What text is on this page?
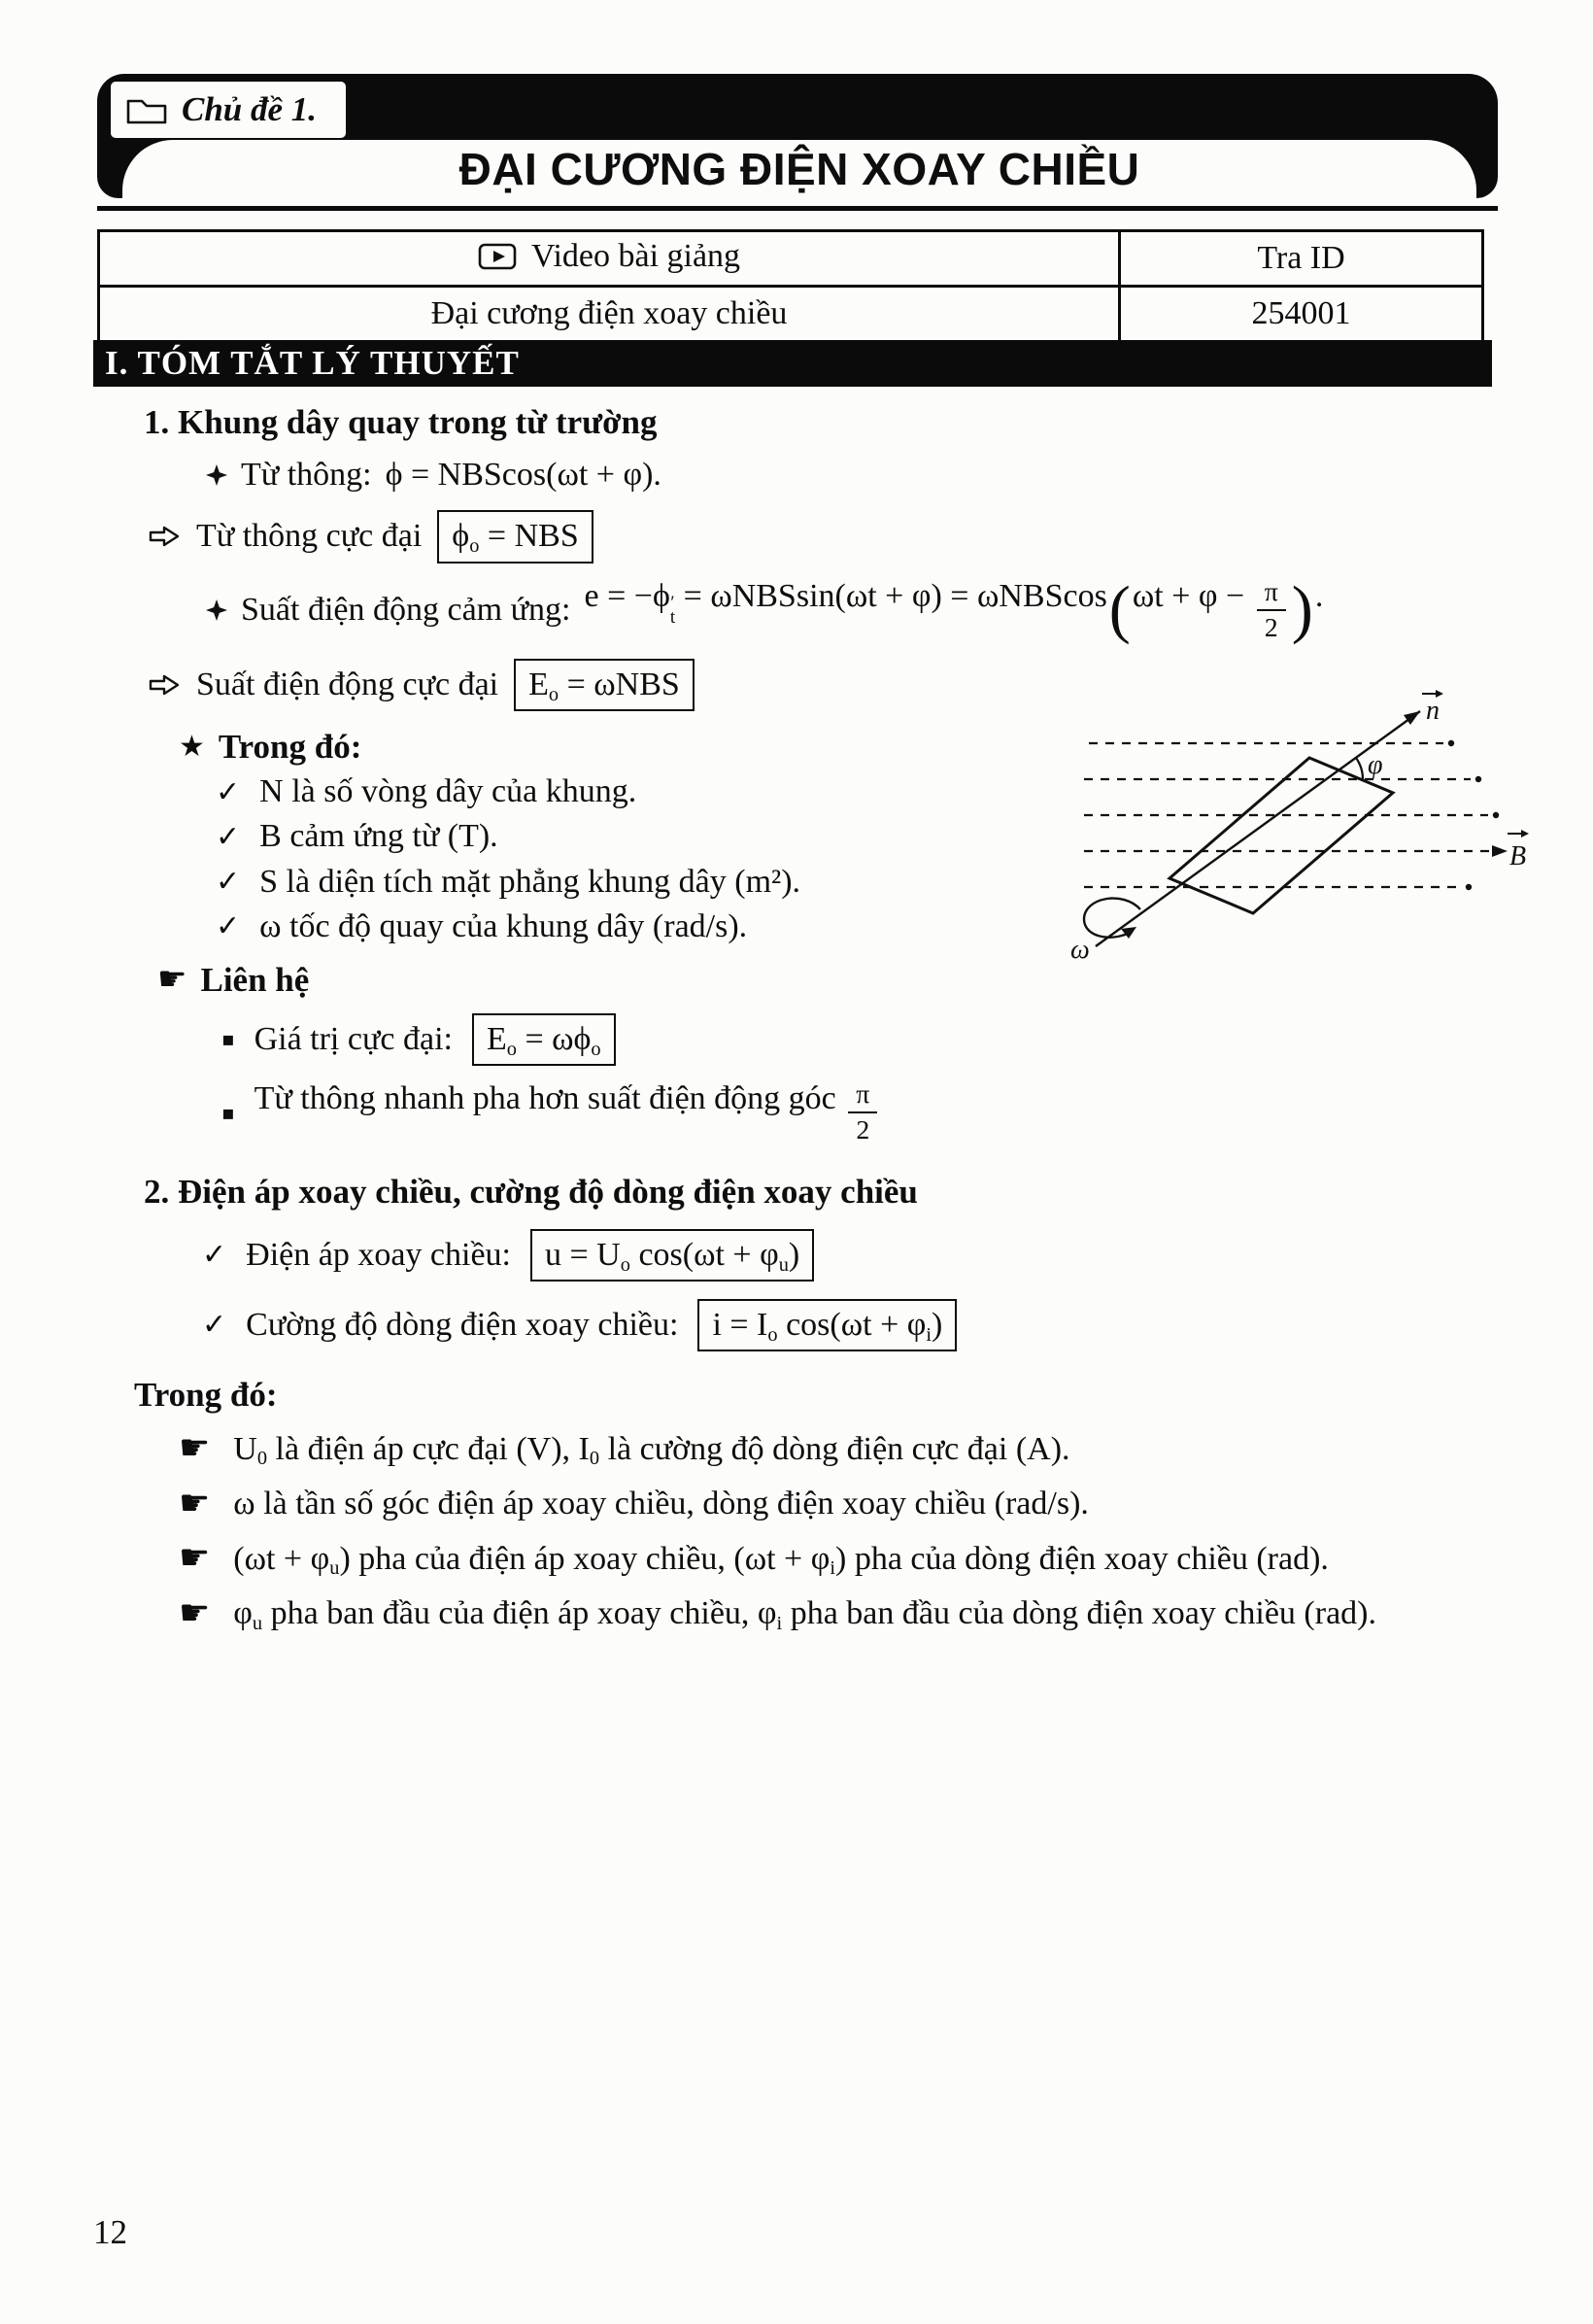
Chủ đề 1.
ĐẠI CƯƠNG ĐIỆN XOAY CHIỀU
Video bài giảng	Tra ID
Đại cương điện xoay chiều	254001
I. TÓM TẮT LÝ THUYẾT
1. Khung dây quay trong từ trường
Từ thông: ϕ = NBScos(ωt + φ).
Từ thông cực đại ϕ o = NBS
Suất điện động cảm ứng: e = −ϕ ′
t
= ωNBSsin(ωt + φ) = ωNBScos ( $\omega t + \varphi - \frac{\pi}{2}$ ) .
Suất điện động cực đại E o = ωNBS
★ Trong đó:
✓ N là số vòng dây của khung.
✓ B cảm ứng từ (T).
✓ S là diện tích mặt phẳng khung dây (m²).
✓ ω tốc độ quay của khung dây (rad/s).
☛ Liên hệ
▪ Giá trị cực đại: E o = ωϕ o
▪ Từ thông nhanh pha hơn suất điện động góc $\frac{\pi}{2}$
2. Điện áp xoay chiều, cường độ dòng điện xoay chiều
✓ Điện áp xoay chiều: u = U o cos(ωt + φ u )
✓ Cường độ dòng điện xoay chiều: i = I o cos(ωt + φ i )
Trong đó:
☛ U 0 là điện áp cực đại (V), I 0 là cường độ dòng điện cực đại (A).
☛ ω là tần số góc điện áp xoay chiều, dòng điện xoay chiều (rad/s).
☛ (ωt + φ u ) pha của điện áp xoay chiều, (ωt + φ i ) pha của dòng điện xoay chiều (rad).
☛ φ u pha ban đầu của điện áp xoay chiều, φ i pha ban đầu của dòng điện xoay chiều (rad).
n
φ
ω
B
12
